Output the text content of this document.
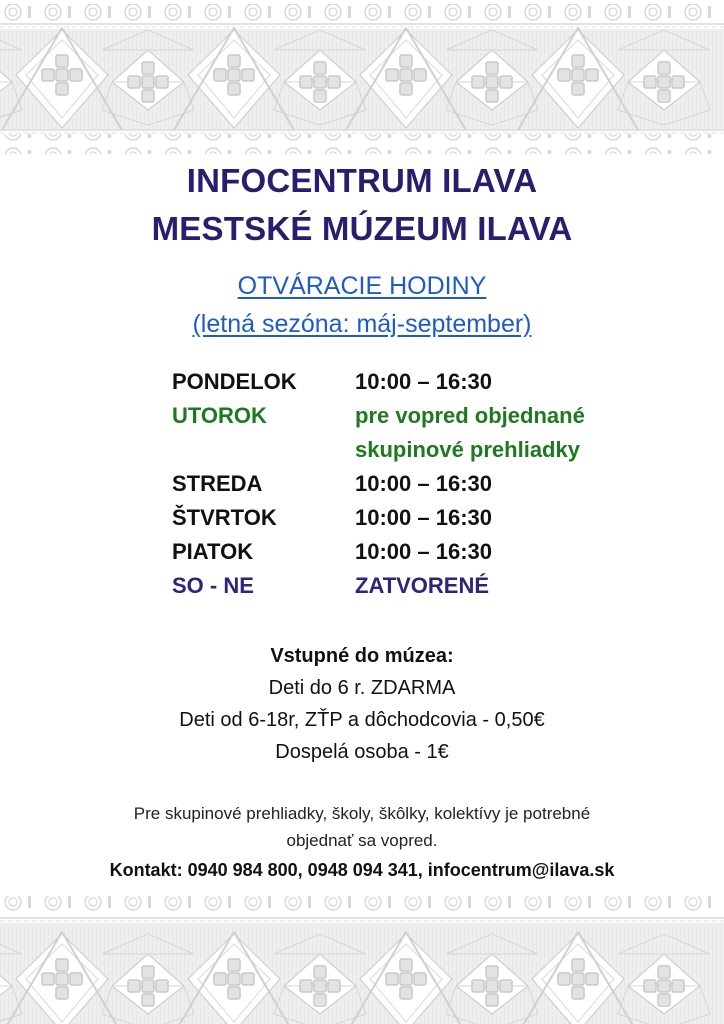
INFOCENTRUM ILAVA
MESTSKÉ MÚZEUM ILAVA
OTVÁRACIE HODINY
(letná sezóna: máj-september)
PONDELOK	10:00 – 16:30
UTOROK	pre vopred objednané
skupinové prehliadky
STREDA	10:00 – 16:30
ŠTVRTOK	10:00 – 16:30
PIATOK	10:00 – 16:30
SO - NE	ZATVORENÉ
Vstupné do múzea:
Deti do 6 r. ZDARMA
Deti od 6-18r, ZŤP a dôchodcovia - 0,50€
Dospelá osoba - 1€
Pre skupinové prehliadky, školy, škôlky, kolektívy je potrebné
objednať sa vopred.
Kontakt: 0940 984 800, 0948 094 341, infocentrum@ilava.sk
